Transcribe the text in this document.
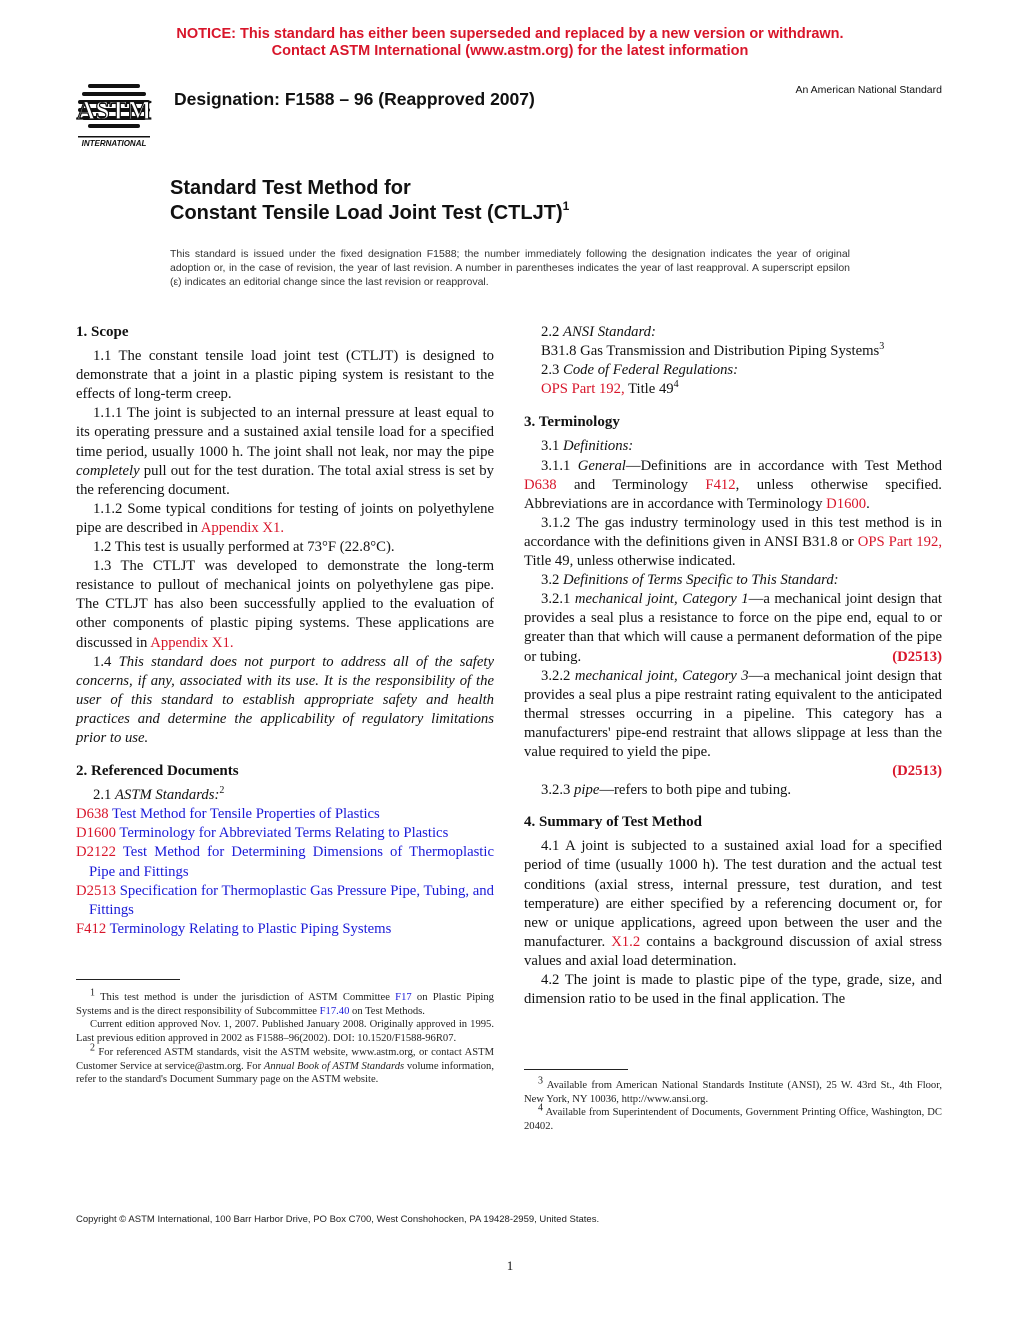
NOTICE: This standard has either been superseded and replaced by a new version or withdrawn.
Contact ASTM International (www.astm.org) for the latest information
ASTM
INTERNATIONAL
Designation: F1588 – 96 (Reapproved 2007)	An American National Standard
Standard Test Method for
Constant Tensile Load Joint Test (CTLJT)$^1$
This standard is issued under the fixed designation F1588; the number immediately following the designation indicates the year of original adoption or, in the case of revision, the year of last revision. A number in parentheses indicates the year of last reapproval. A superscript epsilon (ε) indicates an editorial change since the last revision or reapproval.
1. Scope

1.1 The constant tensile load joint test (CTLJT) is designed to demonstrate that a joint in a plastic piping system is resistant to the effects of long-term creep.

1.1.1 The joint is subjected to an internal pressure at least equal to its operating pressure and a sustained axial tensile load for a specified time period, usually 1000 h. The joint shall not leak, nor may the pipe completely pull out for the test duration. The total axial stress is set by the referencing document.

1.1.2 Some typical conditions for testing of joints on polyethylene pipe are described in Appendix X1.

1.2 This test is usually performed at 73°F (22.8°C).

1.3 The CTLJT was developed to demonstrate the long-term resistance to pullout of mechanical joints on polyethylene gas pipe. The CTLJT has also been successfully applied to the evaluation of other components of plastic piping systems. These applications are discussed in Appendix X1.

1.4 This standard does not purport to address all of the safety concerns, if any, associated with its use. It is the responsibility of the user of this standard to establish appropriate safety and health practices and determine the applicability of regulatory limitations prior to use.

2. Referenced Documents

2.1 ASTM Standards:$^2$

D638 Test Method for Tensile Properties of Plastics

D1600 Terminology for Abbreviated Terms Relating to Plastics

D2122 Test Method for Determining Dimensions of Thermoplastic Pipe and Fittings

D2513 Specification for Thermoplastic Gas Pressure Pipe, Tubing, and Fittings

F412 Terminology Relating to Plastic Piping Systems

$^1$ This test method is under the jurisdiction of ASTM Committee F17 on Plastic Piping Systems and is the direct responsibility of Subcommittee F17.40 on Test Methods.

Current edition approved Nov. 1, 2007. Published January 2008. Originally approved in 1995. Last previous edition approved in 2002 as F1588–96(2002). DOI: 10.1520/F1588-96R07.

$^2$ For referenced ASTM standards, visit the ASTM website, www.astm.org, or contact ASTM Customer Service at service@astm.org. For Annual Book of ASTM Standards volume information, refer to the standard's Document Summary page on the ASTM website.

2.2 ANSI Standard:

B31.8 Gas Transmission and Distribution Piping Systems$^3$

2.3 Code of Federal Regulations:

OPS Part 192, Title $49^4$

3. Terminology

3.1 Definitions:

3.1.1 General—Definitions are in accordance with Test Method D638 and Terminology F412, unless otherwise specified. Abbreviations are in accordance with Terminology D1600.

3.1.2 The gas industry terminology used in this test method is in accordance with the definitions given in ANSI B31.8 or OPS Part 192, Title 49, unless otherwise indicated.

3.2 Definitions of Terms Specific to This Standard:

3.2.1 mechanical joint, Category 1—a mechanical joint design that provides a seal plus a resistance to force on the pipe end, equal to or greater than that which will cause a permanent deformation of the pipe or tubing.	(D2513)

3.2.2 mechanical joint, Category 3—a mechanical joint design that provides a seal plus a pipe restraint rating equivalent to the anticipated thermal stresses occurring in a pipeline. This category has a manufacturers' pipe-end restraint that allows slippage at less than the value required to yield the pipe.

(D2513)

3.2.3 pipe—refers to both pipe and tubing.

4. Summary of Test Method

4.1 A joint is subjected to a sustained axial load for a specified period of time (usually 1000 h). The test duration and the actual test conditions (axial stress, internal pressure, test duration, and test temperature) are either specified by a referencing document or, for new or unique applications, agreed upon between the user and the manufacturer. X1.2 contains a background discussion of axial stress values and axial load determination.

4.2 The joint is made to plastic pipe of the type, grade, size, and dimension ratio to be used in the final application. The

$^3$ Available from American National Standards Institute (ANSI), 25 W. 43rd St., 4th Floor, New York, NY 10036, http://www.ansi.org.

$^4$ Available from Superintendent of Documents, Government Printing Office, Washington, DC 20402.

Copyright © ASTM International, 100 Barr Harbor Drive, PO Box C700, West Conshohocken, PA 19428-2959, United States.
1
